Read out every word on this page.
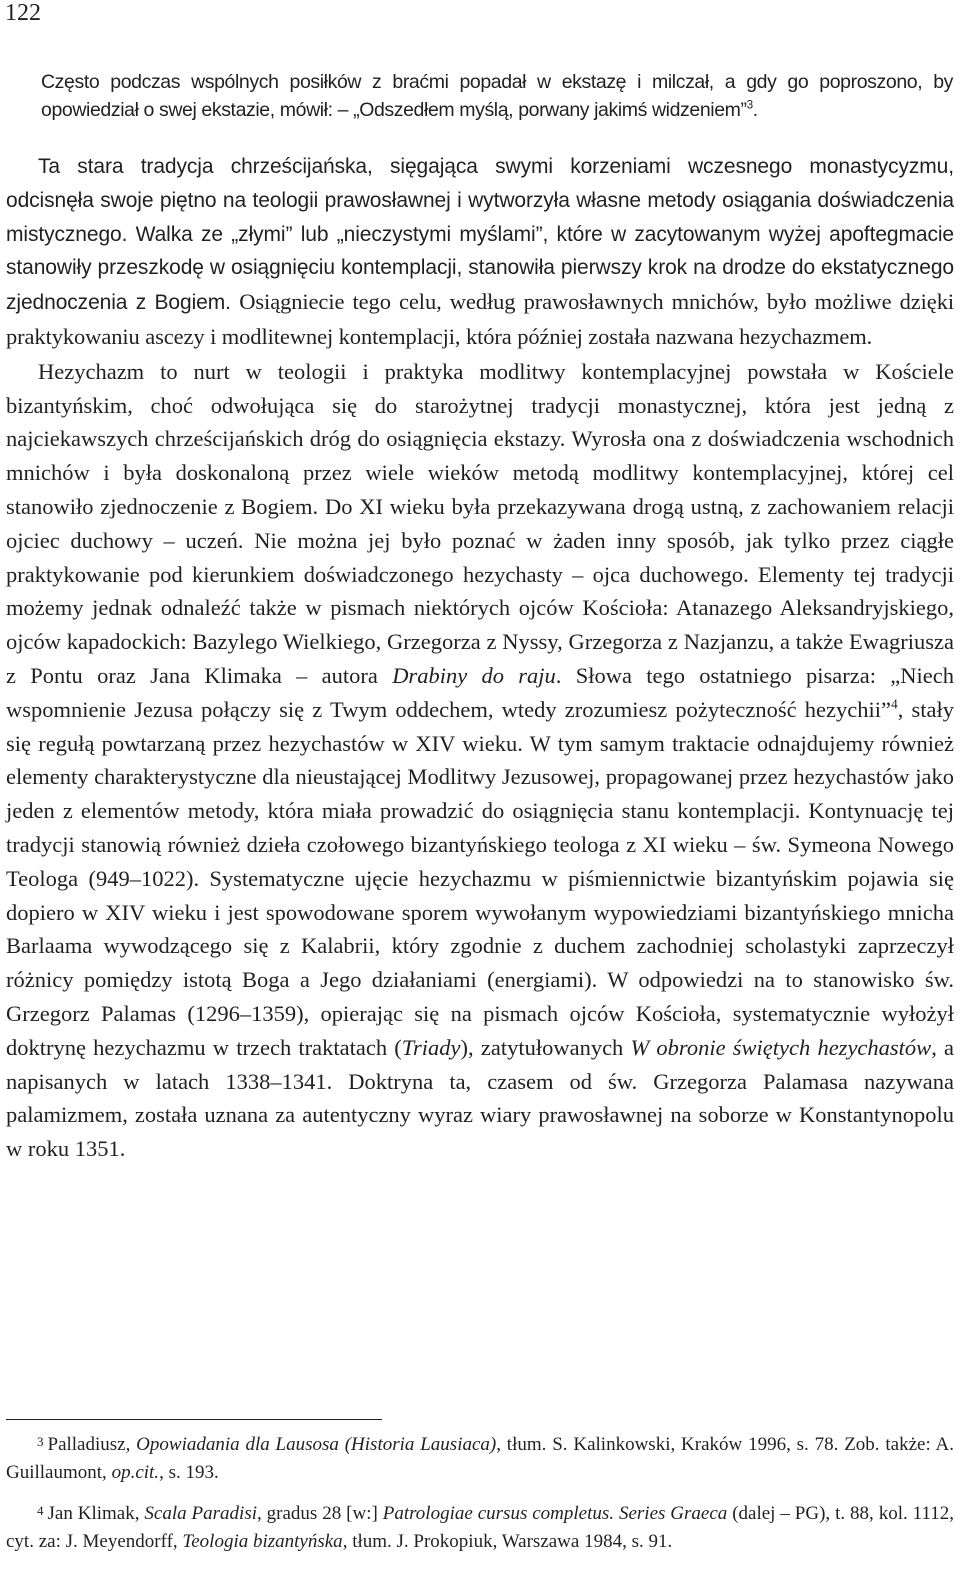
122

Często podczas wspólnych posiłków z braćmi popadał w ekstazę i milczał, a gdy go poproszono, by opowiedział o swej ekstazie, mówił: – „Odszedłem myślą, porwany jakimś widzeniem”$^3$.

Ta stara tradycja chrześcijańska, sięgająca swymi korzeniami wczesnego monastycyzmu, odcisnęła swoje piętno na teologii prawosławnej i wytworzyła własne metody osiągania doświadczenia mistycznego. Walka ze „złymi” lub „nieczystymi myślami”, które w zacytowanym wyżej apoftegmacie stanowiły przeszkodę w osiągnięciu kontemplacji, stanowiła pierwszy krok na drodze do ekstatycznego zjednoczenia z Bogiem. Osiągniecie tego celu, według prawosławnych mnichów, było możliwe dzięki praktykowaniu ascezy i modlitewnej kontemplacji, która później została nazwana hezychazmem.

Hezychazm to nurt w teologii i praktyka modlitwy kontemplacyjnej powstała w Kościele bizantyńskim, choć odwołująca się do starożytnej tradycji monastycznej, która jest jedną z najciekawszych chrześcijańskich dróg do osiągnięcia ekstazy. Wyrosła ona z doświadczenia wschodnich mnichów i była doskonaloną przez wiele wieków metodą modlitwy kontemplacyjnej, której cel stanowiło zjednoczenie z Bogiem. Do XI wieku była przekazywana drogą ustną, z zachowaniem relacji ojciec duchowy – uczeń. Nie można jej było poznać w żaden inny sposób, jak tylko przez ciągłe praktykowanie pod kierunkiem doświadczonego hezychasty – ojca duchowego. Elementy tej tradycji możemy jednak odnaleźć także w pismach niektórych ojców Kościoła: Atanazego Aleksandryjskiego, ojców kapadockich: Bazylego Wielkiego, Grzegorza z Nyssy, Grzegorza z Nazjanzu, a także Ewagriusza z Pontu oraz Jana Klimaka – autora Drabiny do raju. Słowa tego ostatniego pisarza: „Niech wspomnienie Jezusa połączy się z Twym oddechem, wtedy zrozumiesz pożyteczność hezychii”$^4$, stały się regułą powtarzaną przez hezychastów w XIV wieku. W tym samym traktacie odnajdujemy również elementy charakterystyczne dla nieustającej Modlitwy Jezusowej, propagowanej przez hezychastów jako jeden z elementów metody, która miała prowadzić do osiągnięcia stanu kontemplacji. Kontynuację tej tradycji stanowią również dzieła czołowego bizantyńskiego teologa z XI wieku – św. Symeona Nowego Teologa (949–1022). Systematyczne ujęcie hezychazmu w piśmiennictwie bizantyńskim pojawia się dopiero w XIV wieku i jest spowodowane sporem wywołanym wypowiedziami bizantyńskiego mnicha Barlaama wywodzącego się z Kalabrii, który zgodnie z duchem zachodniej scholastyki zaprzeczył różnicy pomiędzy istotą Boga a Jego działaniami (energiami). W odpowiedzi na to stanowisko św. Grzegorz Palamas (1296–1359), opierając się na pismach ojców Kościoła, systematycznie wyłożył doktrynę hezychazmu w trzech traktatach (Triady), zatytułowanych W obronie świętych hezychastów, a napisanych w latach 1338–1341. Doktryna ta, czasem od św. Grzegorza Palamasa nazywana palamizmem, została uznana za autentyczny wyraz wiary prawosławnej na soborze w Konstantynopolu w roku 1351.

$^3$ Palladiusz, Opowiadania dla Lausosa (Historia Lausiaca), tłum. S. Kalinkowski, Kraków 1996, s. 78. Zob. także: A. Guillaumont, op.cit., s. 193.

$^4$ Jan Klimak, Scala Paradisi, gradus 28 [w:] Patrologiae cursus completus. Series Graeca (dalej – PG), t. 88, kol. 1112, cyt. za: J. Meyendorff, Teologia bizantyńska, tłum. J. Prokopiuk, Warszawa 1984, s. 91.
